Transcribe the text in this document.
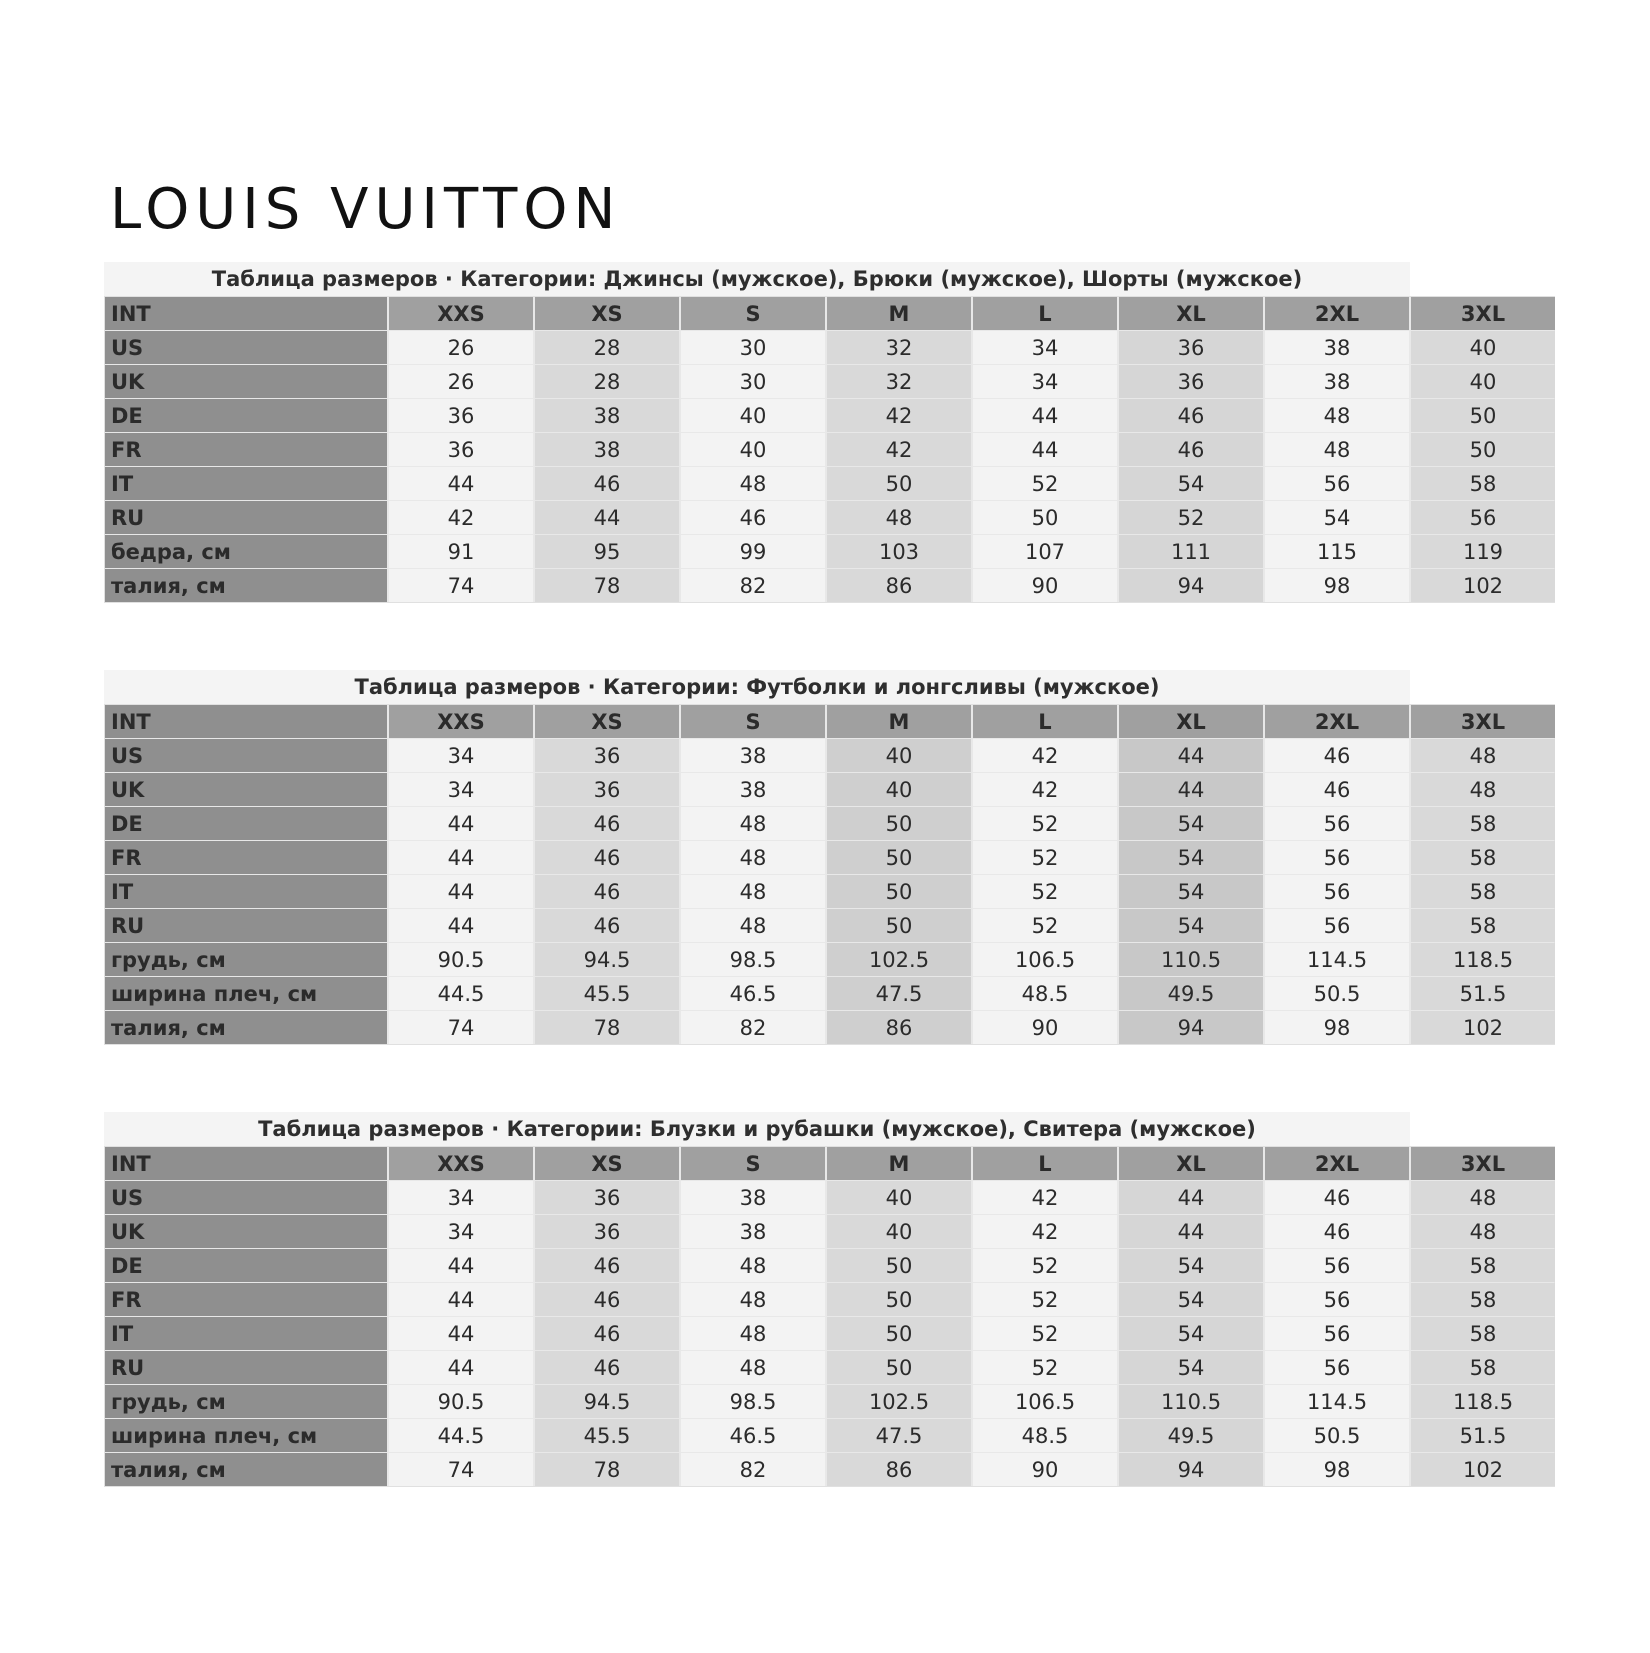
LOUIS VUITTON
Таблица размеров · Категории: Джинсы (мужское), Брюки (мужское), Шорты (мужское)
INT	XXS	XS	S	M	L	XL	2XL	3XL
US	26	28	30	32	34	36	38	40
UK	26	28	30	32	34	36	38	40
DE	36	38	40	42	44	46	48	50
FR	36	38	40	42	44	46	48	50
IT	44	46	48	50	52	54	56	58
RU	42	44	46	48	50	52	54	56
бедра, см	91	95	99	103	107	111	115	119
талия, см	74	78	82	86	90	94	98	102
Таблица размеров · Категории: Футболки и лонгсливы (мужское)
INT	XXS	XS	S	M	L	XL	2XL	3XL
US	34	36	38	40	42	44	46	48
UK	34	36	38	40	42	44	46	48
DE	44	46	48	50	52	54	56	58
FR	44	46	48	50	52	54	56	58
IT	44	46	48	50	52	54	56	58
RU	44	46	48	50	52	54	56	58
грудь, см	90.5	94.5	98.5	102.5	106.5	110.5	114.5	118.5
ширина плеч, см	44.5	45.5	46.5	47.5	48.5	49.5	50.5	51.5
талия, см	74	78	82	86	90	94	98	102
Таблица размеров · Категории: Блузки и рубашки (мужское), Свитера (мужское)
INT	XXS	XS	S	M	L	XL	2XL	3XL
US	34	36	38	40	42	44	46	48
UK	34	36	38	40	42	44	46	48
DE	44	46	48	50	52	54	56	58
FR	44	46	48	50	52	54	56	58
IT	44	46	48	50	52	54	56	58
RU	44	46	48	50	52	54	56	58
грудь, см	90.5	94.5	98.5	102.5	106.5	110.5	114.5	118.5
ширина плеч, см	44.5	45.5	46.5	47.5	48.5	49.5	50.5	51.5
талия, см	74	78	82	86	90	94	98	102
